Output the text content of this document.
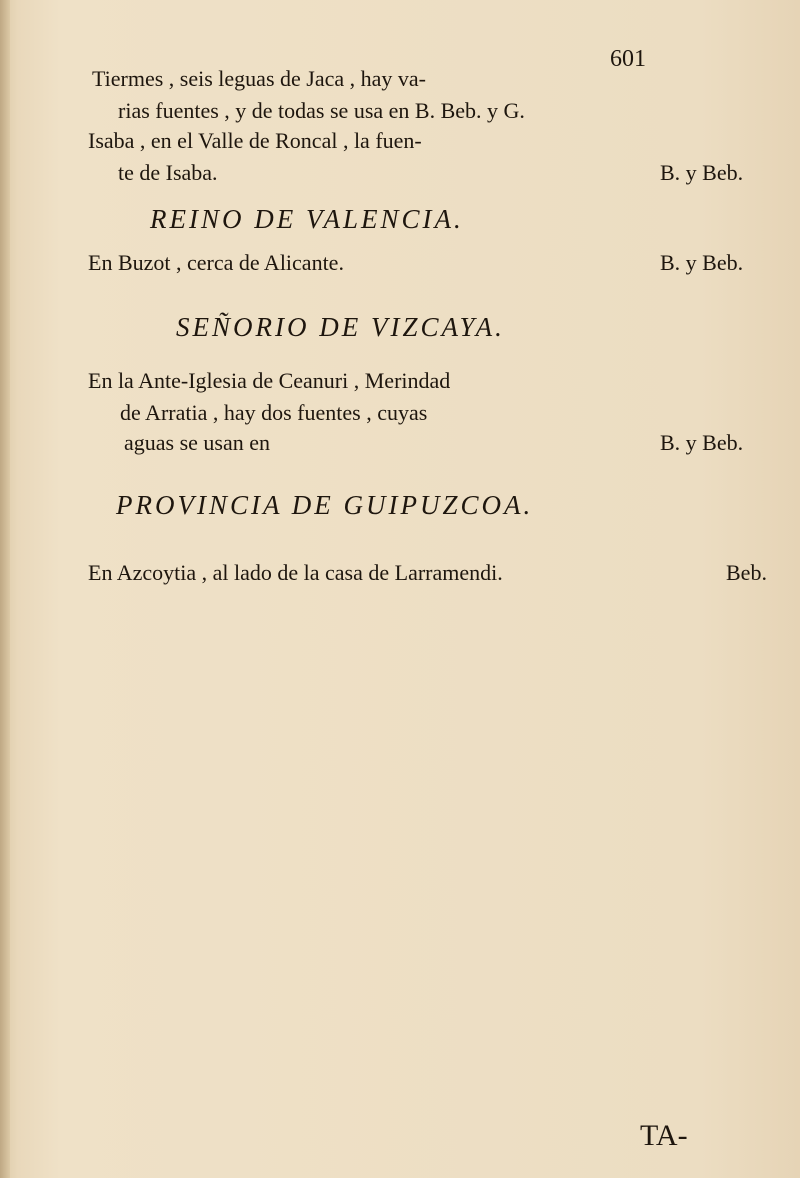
601
Tiermes , seis leguas de Jaca , hay va-
rias fuentes , y de todas se usa en B. Beb. y G.
Isaba , en el Valle de Roncal , la fuen-
te de Isaba.	B. y Beb.
REINO DE VALENCIA.
En Buzot , cerca de Alicante.	B. y Beb.
SEÑORIO DE VIZCAYA.
En la Ante-Iglesia de Ceanuri , Merindad
de Arratia , hay dos fuentes , cuyas
aguas se usan en	B. y Beb.
PROVINCIA DE GUIPUZCOA.
En Azcoytia , al lado de la casa de Larramendi.	Beb.
TA-
